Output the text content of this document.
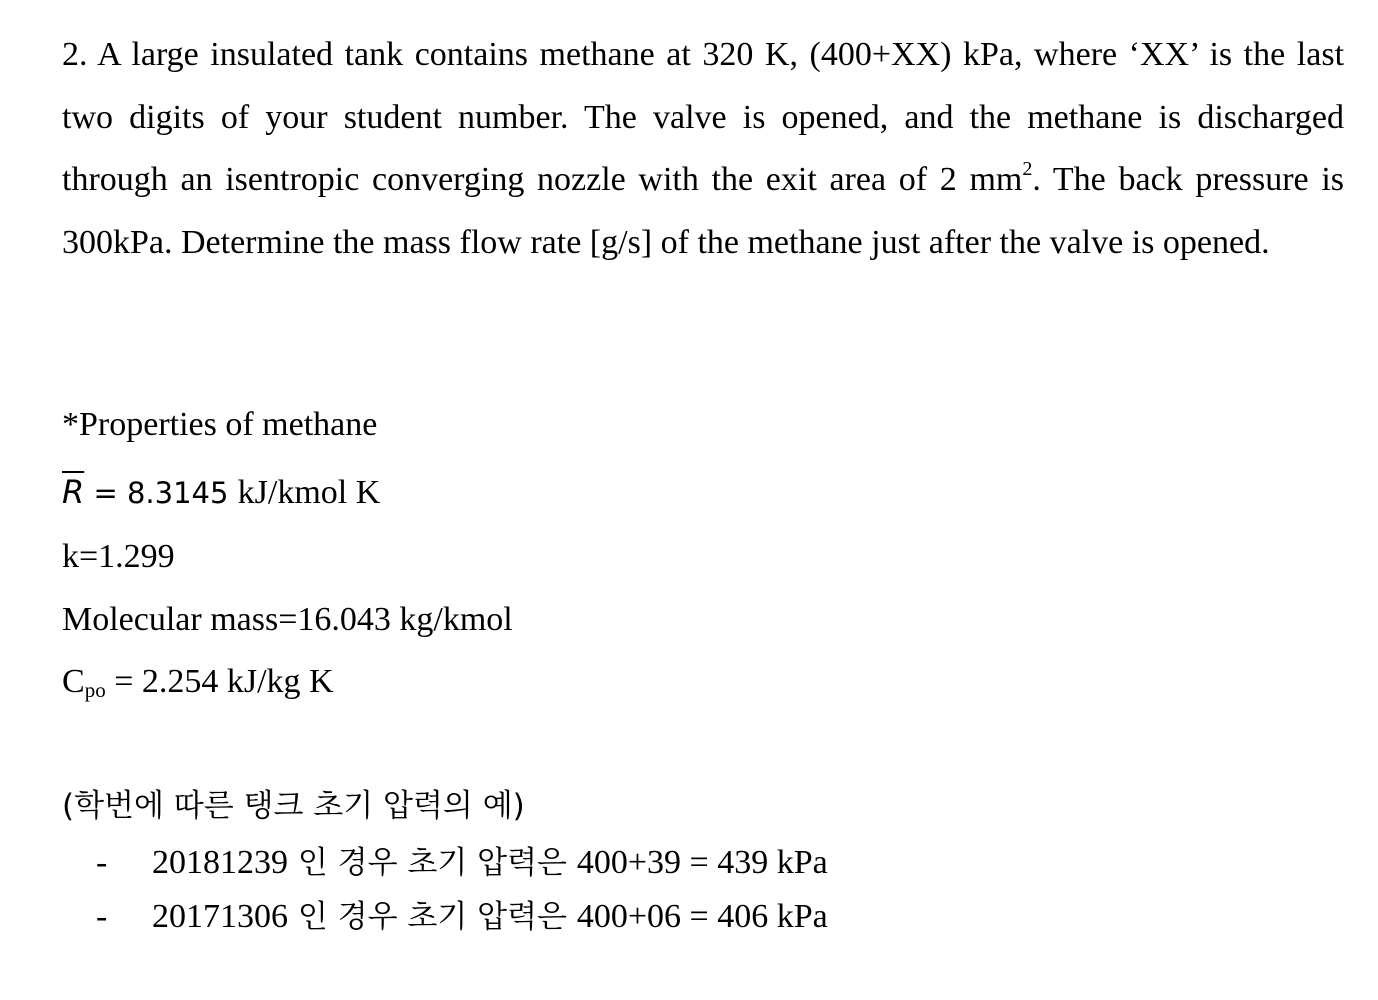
2. A large insulated tank contains methane at 320 K, (400+XX) kPa, where ‘XX’ is the last two digits of your student number. The valve is opened, and the methane is discharged through an isentropic converging nozzle with the exit area of 2 $mm^2$. The back pressure is 300kPa. Determine the mass flow rate [g/s] of the methane just after the valve is opened.

*Properties of methane
$\overline{R} = 8.3145$ kJ/kmol K
k=1.299
Molecular mass=16.043 kg/kmol
$C_{po} = 2.254$ kJ/kg K
(학번에 따른 탱크 초기 압력의 예)
- 20181239 인 경우 초기 압력은 400+39 = 439 kPa
- 20171306 인 경우 초기 압력은 400+06 = 406 kPa
